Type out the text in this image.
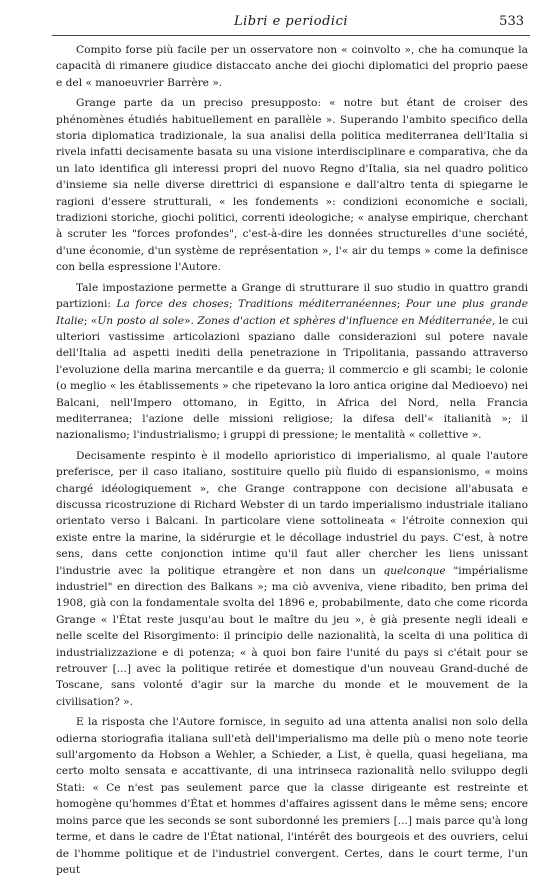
Libri e periodici	533

Compito forse più facile per un osservatore non « coinvolto », che ha comunque la capacità di rimanere giudice distaccato anche dei giochi diplomatici del proprio paese e del « manoeuvrier Barrère ».

Grange parte da un preciso presupposto: « notre but étant de croiser des phénomènes étudiés habituellement en parallèle ». Superando l'ambito specifico della storia diplomatica tradizionale, la sua analisi della politica mediterranea dell'Italia si rivela infatti decisamente basata su una visione interdisciplinare e comparativa, che da un lato identifica gli interessi propri del nuovo Regno d'Italia, sia nel quadro politico d'insieme sia nelle diverse direttrici di espansione e dall'altro tenta di spiegarne le ragioni d'essere strutturali, « les fondements »: condizioni economiche e sociali, tradizioni storiche, giochi politici, correnti ideologiche; « analyse empirique, cherchant à scruter les "forces profondes", c'est-à-dire les données structurelles d'une société, d'une économie, d'un système de représentation », l'« air du temps » come la definisce con bella espressione l'Autore.

Tale impostazione permette a Grange di strutturare il suo studio in quattro grandi partizioni: La force des choses; Traditions méditerranéennes; Pour une plus grande Italie; «Un posto al sole». Zones d'action et sphères d'influence en Méditerranée, le cui ulteriori vastissime articolazioni spaziano dalle considerazioni sul potere navale dell'Italia ad aspetti inediti della penetrazione in Tripolitania, passando attraverso l'evoluzione della marina mercantile e da guerra; il commercio e gli scambi; le colonie (o meglio « les établissements » che ripetevano la loro antica origine dal Medioevo) nei Balcani, nell'Impero ottomano, in Egitto, in Africa del Nord, nella Francia mediterranea; l'azione delle missioni religiose; la difesa dell'« italianità »; il nazionalismo; l'industrialismo; i gruppi di pressione; le mentalità « collettive ».

Decisamente respinto è il modello aprioristico di imperialismo, al quale l'autore preferisce, per il caso italiano, sostituire quello più fluido di espansionismo, « moins chargé idéologiquement », che Grange contrappone con decisione all'abusata e discussa ricostruzione di Richard Webster di un tardo imperialismo industriale italiano orientato verso i Balcani. In particolare viene sottolineata « l'étroite connexion qui existe entre la marine, la sidérurgie et le décollage industriel du pays. C'est, à notre sens, dans cette conjonction intime qu'il faut aller chercher les liens unissant l'industrie avec la politique etrangère et non dans un quelconque "impérialisme industriel" en direction des Balkans »; ma ciò avveniva, viene ribadito, ben prima del 1908, già con la fondamentale svolta del 1896 e, probabilmente, dato che come ricorda Grange « l'État reste jusqu'au bout le maître du jeu », è già presente negli ideali e nelle scelte del Risorgimento: il principio delle nazionalità, la scelta di una politica di industrializzazione e di potenza; « à quoi bon faire l'unité du pays si c'était pour se retrouver [...] avec la politique retirée et domestique d'un nouveau Grand-duché de Toscane, sans volonté d'agir sur la marche du monde et le mouvement de la civilisation? ».

E la risposta che l'Autore fornisce, in seguito ad una attenta analisi non solo della odierna storiografia italiana sull'età dell'imperialismo ma delle più o meno note teorie sull'argomento da Hobson a Wehler, a Schieder, a List, è quella, quasi hegeliana, ma certo molto sensata e accattivante, di una intrinseca razionalità nello sviluppo degli Stati: « Ce n'est pas seulement parce que la classe dirigeante est restreinte et homogène qu'hommes d'État et hommes d'affaires agissent dans le même sens; encore moins parce que les seconds se sont subordonné les premiers [...] mais parce qu'à long terme, et dans le cadre de l'État national, l'intérêt des bourgeois et des ouvriers, celui de l'homme politique et de l'industriel convergent. Certes, dans le court terme, l'un peut
